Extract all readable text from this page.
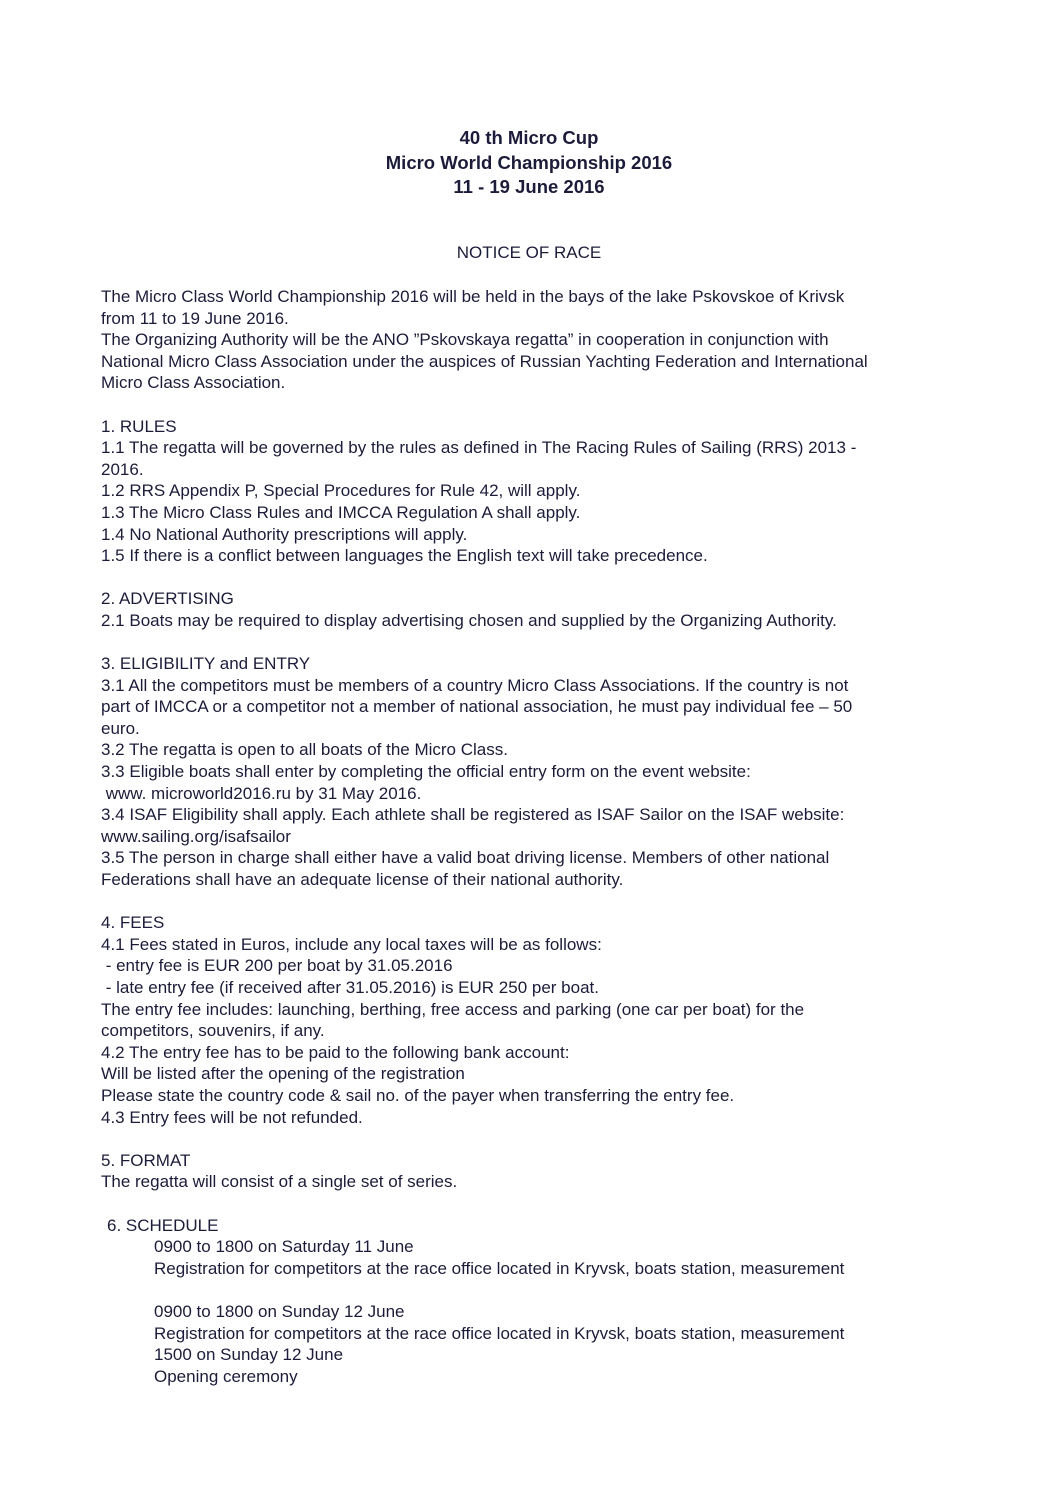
40 th Micro Cup
Micro World Championship 2016
11 - 19 June 2016
NOTICE OF RACE
The Micro Class World Championship 2016 will be held in the bays of the lake Pskovskoe of Krivsk
from 11 to 19 June 2016.
The Organizing Authority will be the ANO ”Pskovskaya regatta” in cooperation in conjunction with
National Micro Class Association under the auspices of Russian Yachting Federation and International
Micro Class Association.
1. RULES
1.1 The regatta will be governed by the rules as defined in The Racing Rules of Sailing (RRS) 2013 -
2016.
1.2 RRS Appendix P, Special Procedures for Rule 42, will apply.
1.3 The Micro Class Rules and IMCCA Regulation A shall apply.
1.4 No National Authority prescriptions will apply.
1.5 If there is a conflict between languages the English text will take precedence.
2. ADVERTISING
2.1 Boats may be required to display advertising chosen and supplied by the Organizing Authority.
3. ELIGIBILITY and ENTRY
3.1 All the competitors must be members of a country Micro Class Associations. If the country is not
part of IMCCA or a competitor not a member of national association, he must pay individual fee – 50
euro.
3.2 The regatta is open to all boats of the Micro Class.
3.3 Eligible boats shall enter by completing the official entry form on the event website:
www. microworld2016.ru by 31 May 2016.
3.4 ISAF Eligibility shall apply. Each athlete shall be registered as ISAF Sailor on the ISAF website:
www.sailing.org/isafsailor
3.5 The person in charge shall either have a valid boat driving license. Members of other national
Federations shall have an adequate license of their national authority.
4. FEES
4.1 Fees stated in Euros, include any local taxes will be as follows:
- entry fee is EUR 200 per boat by 31.05.2016
- late entry fee (if received after 31.05.2016) is EUR 250 per boat.
The entry fee includes: launching, berthing, free access and parking (one car per boat) for the
competitors, souvenirs, if any.
4.2 The entry fee has to be paid to the following bank account:
Will be listed after the opening of the registration
Please state the country code & sail no. of the payer when transferring the entry fee.
4.3 Entry fees will be not refunded.
5. FORMAT
The regatta will consist of a single set of series.
6. SCHEDULE
0900 to 1800 on Saturday 11 June
Registration for competitors at the race office located in Kryvsk, boats station, measurement
0900 to 1800 on Sunday 12 June
Registration for competitors at the race office located in Kryvsk, boats station, measurement
1500 on Sunday 12 June
Opening ceremony
